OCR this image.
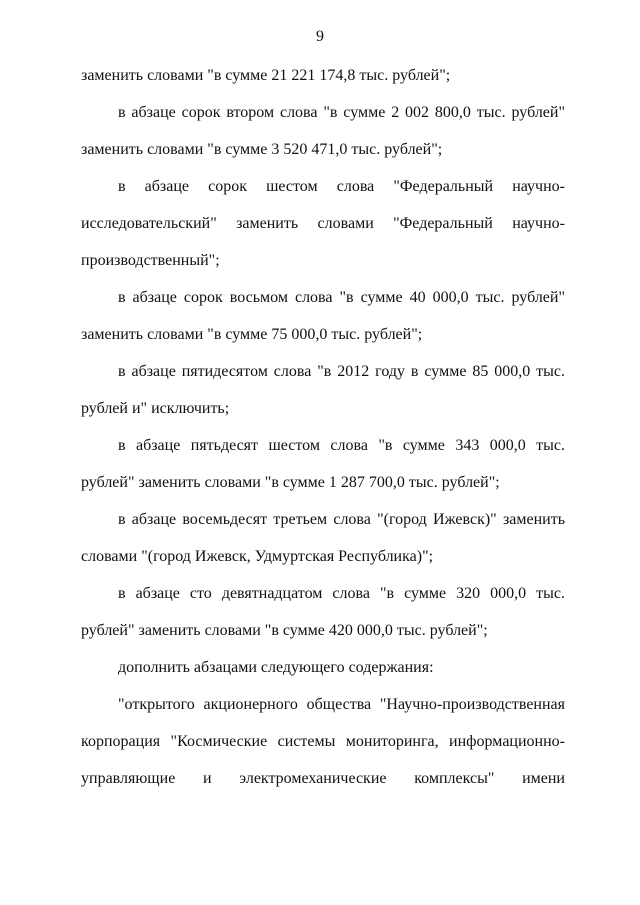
9
заменить словами "в сумме 21 221 174,8 тыс. рублей";
в абзаце сорок втором слова "в сумме 2 002 800,0 тыс. рублей"
заменить словами "в сумме 3 520 471,0 тыс. рублей";
в абзаце сорок шестом слова "Федеральный научно-
исследовательский" заменить словами "Федеральный научно-
производственный";
в абзаце сорок восьмом слова "в сумме 40 000,0 тыс. рублей"
заменить словами "в сумме 75 000,0 тыс. рублей";
в абзаце пятидесятом слова "в 2012 году в сумме 85 000,0 тыс.
рублей и" исключить;
в абзаце пятьдесят шестом слова "в сумме 343 000,0 тыс.
рублей" заменить словами "в сумме 1 287 700,0 тыс. рублей";
в абзаце восемьдесят третьем слова "(город Ижевск)" заменить
словами "(город Ижевск, Удмуртская Республика)";
в абзаце сто девятнадцатом слова "в сумме 320 000,0 тыс.
рублей" заменить словами "в сумме 420 000,0 тыс. рублей";
дополнить абзацами следующего содержания:
"открытого акционерного общества "Научно-производственная
корпорация "Космические системы мониторинга, информационно-
управляющие и электромеханические комплексы" имени
